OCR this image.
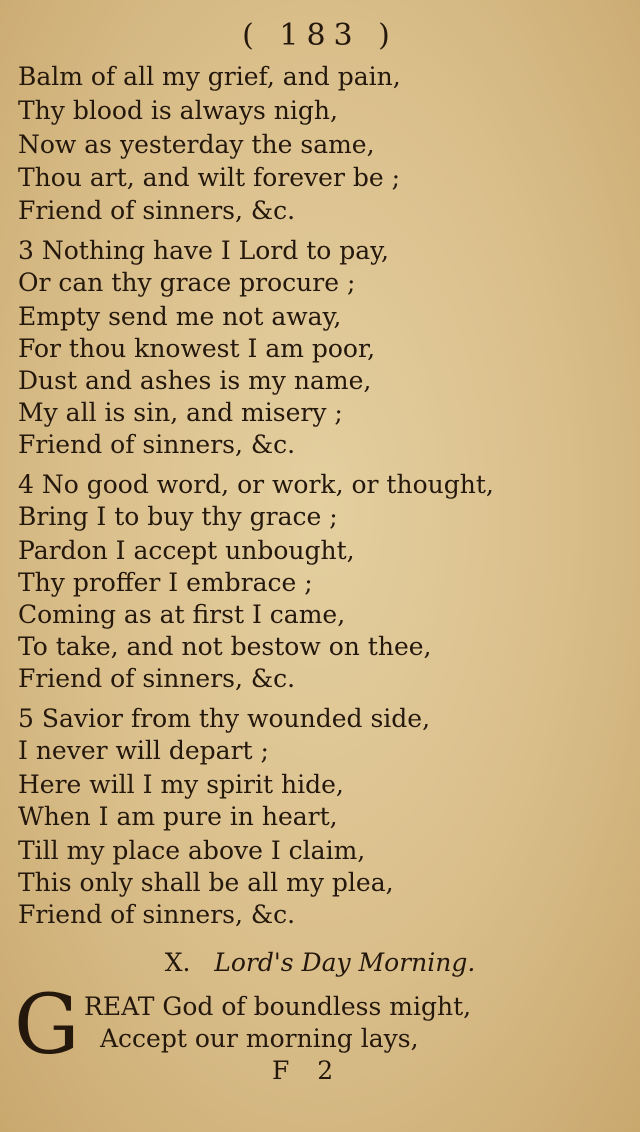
( 183 )
Balm of all my grief, and pain,
Thy blood is always nigh,
Now as yesterday the same,
Thou art, and wilt forever be ;
Friend of sinners, &c.
3 Nothing have I Lord to pay,
Or can thy grace procure ;
Empty send me not away,
For thou knowest I am poor,
Dust and ashes is my name,
My all is sin, and misery ;
Friend of sinners, &c.
4 No good word, or work, or thought,
Bring I to buy thy grace ;
Pardon I accept unbought,
Thy proffer I embrace ;
Coming as at first I came,
To take, and not bestow on thee,
Friend of sinners, &c.
5 Savior from thy wounded side,
I never will depart ;
Here will I my spirit hide,
When I am pure in heart,
Till my place above I claim,
This only shall be all my plea,
Friend of sinners, &c.
X. Lord's Day Morning.
G REAT God of boundless might,
Accept our morning lays,
F 2
